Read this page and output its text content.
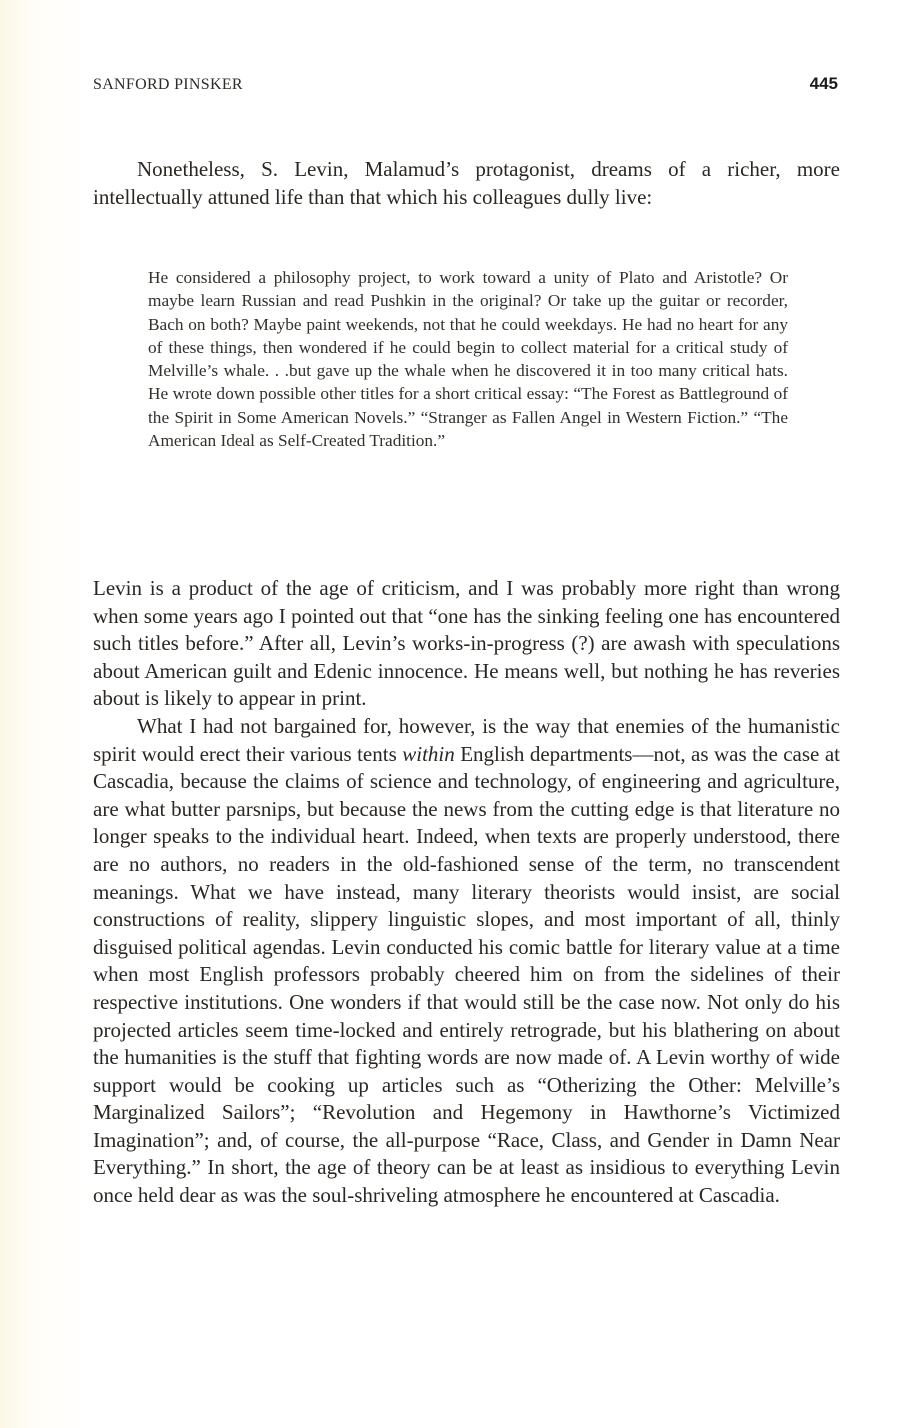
SANFORD PINSKER	445

Nonetheless, S. Levin, Malamud’s protagonist, dreams of a richer, more intellectually attuned life than that which his colleagues dully live:

He considered a philosophy project, to work toward a unity of Plato and Aristotle? Or maybe learn Russian and read Pushkin in the original? Or take up the guitar or recorder, Bach on both? Maybe paint weekends, not that he could weekdays. He had no heart for any of these things, then wondered if he could begin to collect material for a critical study of Melville’s whale. . .but gave up the whale when he discovered it in too many critical hats. He wrote down possible other titles for a short critical essay: “The Forest as Battleground of the Spirit in Some American Novels.” “Stranger as Fallen Angel in Western Fiction.” “The American Ideal as Self-Created Tradition.”

Levin is a product of the age of criticism, and I was probably more right than wrong when some years ago I pointed out that “one has the sinking feeling one has encountered such titles before.” After all, Levin’s works-in-progress (?) are awash with speculations about American guilt and Edenic innocence. He means well, but nothing he has reveries about is likely to appear in print.

What I had not bargained for, however, is the way that enemies of the humanistic spirit would erect their various tents within English departments—not, as was the case at Cascadia, because the claims of science and technology, of engineering and agriculture, are what butter parsnips, but because the news from the cutting edge is that literature no longer speaks to the individual heart. Indeed, when texts are properly understood, there are no authors, no readers in the old-fashioned sense of the term, no transcendent meanings. What we have instead, many literary theorists would insist, are social constructions of reality, slippery linguistic slopes, and most important of all, thinly disguised political agendas. Levin conducted his comic battle for literary value at a time when most English professors probably cheered him on from the sidelines of their respective institutions. One wonders if that would still be the case now. Not only do his projected articles seem time-locked and entirely retrograde, but his blathering on about the humanities is the stuff that fighting words are now made of. A Levin worthy of wide support would be cooking up articles such as “Otherizing the Other: Melville’s Marginalized Sailors”; “Revolution and Hegemony in Hawthorne’s Victimized Imagination”; and, of course, the all-purpose “Race, Class, and Gender in Damn Near Everything.” In short, the age of theory can be at least as insidious to everything Levin once held dear as was the soul-shriveling atmosphere he encountered at Cascadia.
